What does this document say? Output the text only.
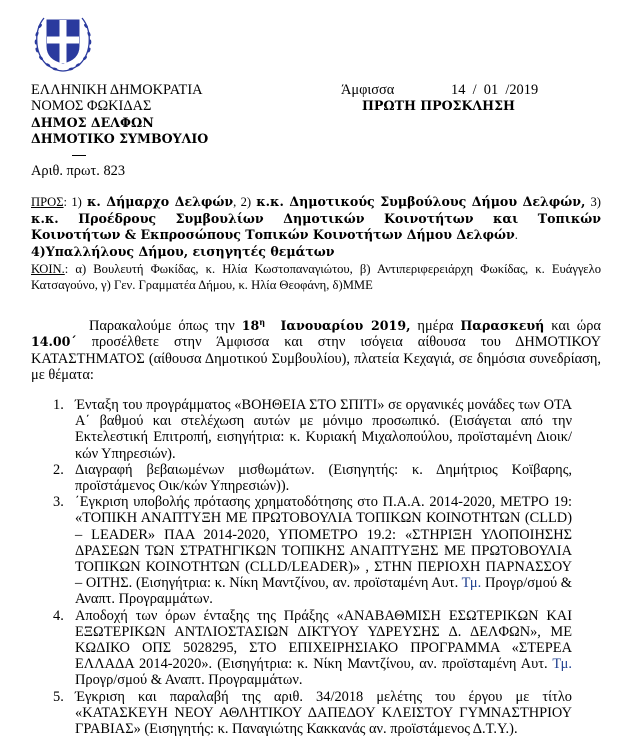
ΕΛΛΗΝΙΚΗ ΔΗΜΟΚΡΑΤΙΑ
ΝΟΜΟΣ ΦΩΚΙΔΑΣ
ΔΗΜΟΣ ΔΕΛΦΩΝ
ΔΗΜΟΤΙΚΟ ΣΥΜΒΟΥΛΙΟ
Άμφισσα	14  /  01  /2019
ΠΡΩΤΗ ΠΡΟΣΚΛΗΣΗ
Αριθ. πρωτ. 823
ΠΡΟΣ: 1) κ. Δήμαρχο Δελφών, 2) κ.κ. Δημοτικούς Συμβούλους Δήμου Δελφών, 3) κ.κ. Προέδρους Συμβουλίων Δημοτικών Κοινοτήτων και Τοπικών Κοινοτήτων & Εκπροσώπους Τοπικών Κοινοτήτων Δήμου Δελφών.
4)Υπαλλήλους Δήμου, εισηγητές θεμάτων
ΚΟΙΝ.: α) Βουλευτή Φωκίδας, κ. Ηλία Κωστοπαναγιώτου, β) Αντιπεριφερειάρχη Φωκίδας, κ. Ευάγγελο Κατσαγούνο, γ) Γεν. Γραμματέα Δήμου, κ. Ηλία Θεοφάνη, δ)ΜΜΕ
Παρακαλούμε όπως την $18^\eta$ Ιανουαρίου 2019, ημέρα Παρασκευή και ώρα 14.00΄ προσέλθετε στην Άμφισσα και στην ισόγεια αίθουσα του ΔΗΜΟΤΙΚΟΥ ΚΑΤΑΣΤΗΜΑΤΟΣ (αίθουσα Δημοτικού Συμβουλίου), πλατεία Κεχαγιά, σε δημόσια συνεδρίαση, με θέματα:
1. Ένταξη του προγράμματος «ΒΟΗΘΕΙΑ ΣΤΟ ΣΠΙΤΙ» σε οργανικές μονάδες των ΟΤΑ Α΄ βαθμού και στελέχωση αυτών με μόνιμο προσωπικό. (Εισάγεται από την Εκτελεστική Επιτροπή, εισηγήτρια: κ. Κυριακή Μιχαλοπούλου, προϊσταμένη Διοικ/κών Υπηρεσιών).
2. Διαγραφή βεβαιωμένων μισθωμάτων. (Εισηγητής: κ. Δημήτριος Κοϊβαρης, προϊστάμενος Οικ/κών Υπηρεσιών)).
3. ΄Εγκριση υποβολής πρότασης χρηματοδότησης στο Π.Α.Α. 2014-2020, ΜΕΤΡΟ 19: «ΤΟΠΙΚΗ ΑΝΑΠΤΥΞΗ ΜΕ ΠΡΩΤΟΒΟΥΛΙΑ ΤΟΠΙΚΩΝ ΚΟΙΝΟΤΗΤΩΝ (CLLD) – LEADER» ΠΑΑ 2014-2020, ΥΠΟΜΕΤΡΟ 19.2: «ΣΤΗΡΙΞΗ ΥΛΟΠΟΙΗΣΗΣ ΔΡΑΣΕΩΝ ΤΩΝ ΣΤΡΑΤΗΓΙΚΩΝ ΤΟΠΙΚΗΣ ΑΝΑΠΤΥΞΗΣ ΜΕ ΠΡΩΤΟΒΟΥΛΙΑ ΤΟΠΙΚΩΝ ΚΟΙΝΟΤΗΤΩΝ (CLLD/LEADER)» , ΣΤΗΝ ΠΕΡΙΟΧΗ ΠΑΡΝΑΣΣΟΥ – ΟΙΤΗΣ. (Εισηγήτρια: κ. Νίκη Μαντζίνου, αν. προϊσταμένη Αυτ. Τμ. Προγρ/σμού & Αναπτ. Προγραμμάτων.
4. Αποδοχή των όρων ένταξης της Πράξης «ΑΝΑΒΑΘΜΙΣΗ ΕΣΩΤΕΡΙΚΩΝ ΚΑΙ ΕΞΩΤΕΡΙΚΩΝ ΑΝΤΛΙΟΣΤΑΣΙΩΝ ΔΙΚΤΥΟΥ ΥΔΡΕΥΣΗΣ Δ. ΔΕΛΦΩΝ», ΜΕ ΚΩΔΙΚΟ ΟΠΣ 5028295, ΣΤΟ ΕΠΙΧΕΙΡΗΣΙΑΚΟ ΠΡΟΓΡΑΜΜΑ «ΣΤΕΡΕΑ ΕΛΛΑΔΑ 2014-2020». (Εισηγήτρια: κ. Νίκη Μαντζίνου, αν. προϊσταμένη Αυτ. Τμ. Προγρ/σμού & Αναπτ. Προγραμμάτων.
5. Έγκριση και παραλαβή της αριθ. 34/2018 μελέτης του έργου με τίτλο «ΚΑΤΑΣΚΕΥΗ ΝΕΟΥ ΑΘΛΗΤΙΚΟΥ ΔΑΠΕΔΟΥ ΚΛΕΙΣΤΟΥ ΓΥΜΝΑΣΤΗΡΙΟΥ ΓΡΑΒΙΑΣ» (Εισηγητής: κ. Παναγιώτης Κακκανάς αν. προϊστάμενος Δ.Τ.Υ.).
